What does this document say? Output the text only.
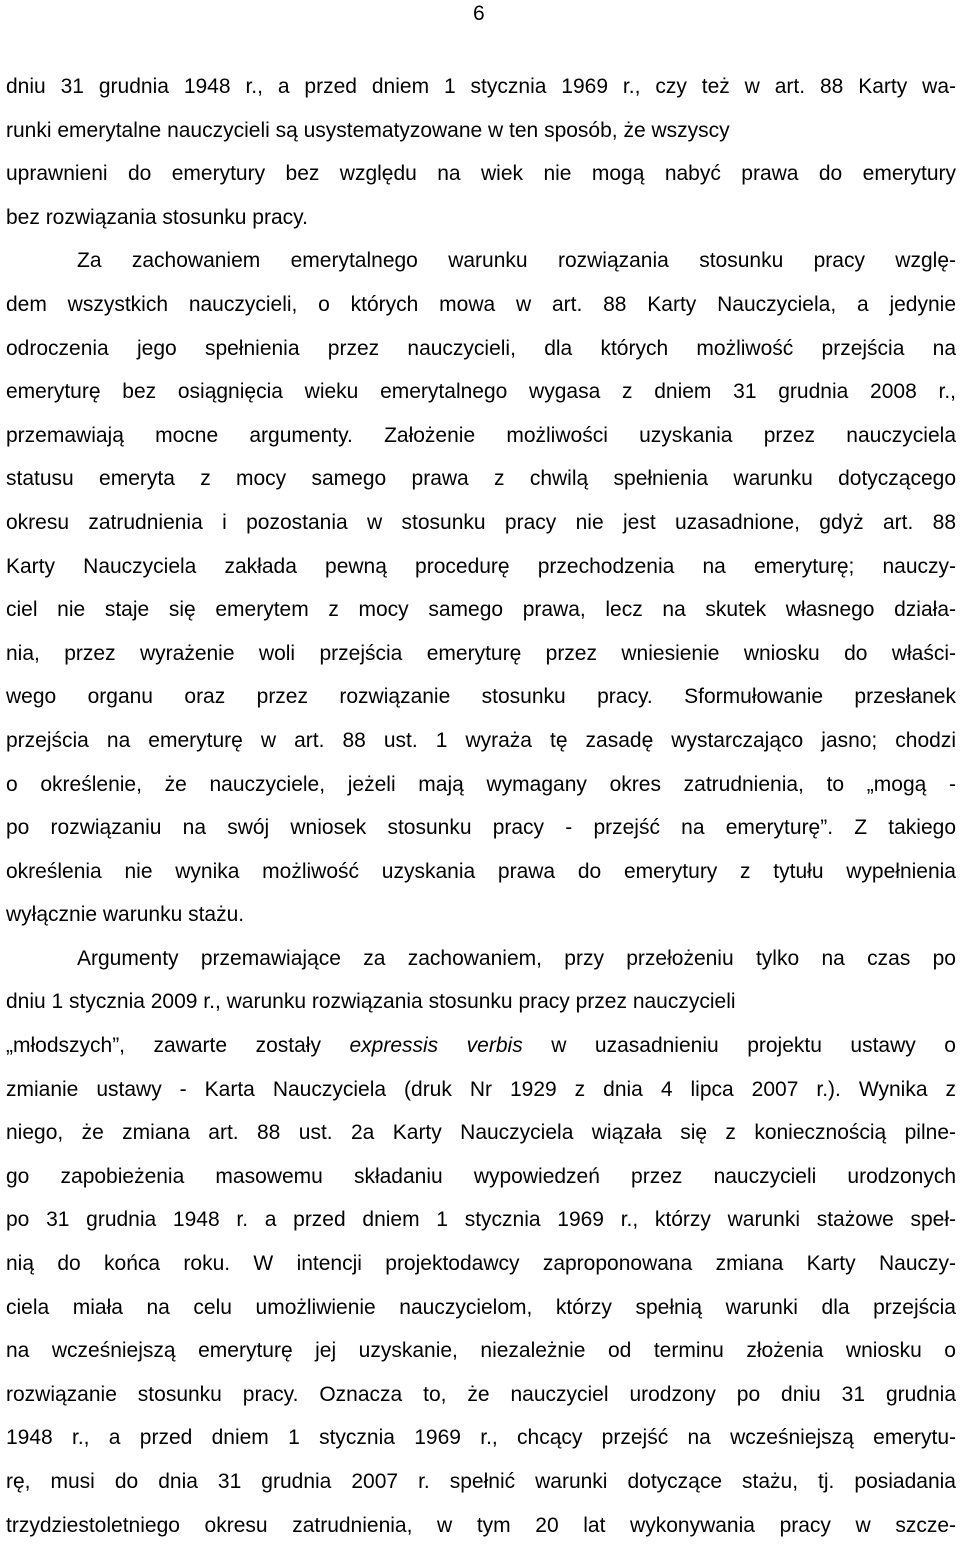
6
dniu 31 grudnia 1948 r., a przed dniem 1 stycznia 1969 r., czy też w art. 88 Karty wa-
runki emerytalne nauczycieli są usystematyzowane w ten sposób, że wszyscy
uprawnieni do emerytury bez względu na wiek nie mogą nabyć prawa do emerytury
bez rozwiązania stosunku pracy.
Za zachowaniem emerytalnego warunku rozwiązania stosunku pracy wzglę-
dem wszystkich nauczycieli, o których mowa w art. 88 Karty Nauczyciela, a jedynie
odroczenia jego spełnienia przez nauczycieli, dla których możliwość przejścia na
emeryturę bez osiągnięcia wieku emerytalnego wygasa z dniem 31 grudnia 2008 r.,
przemawiają mocne argumenty. Założenie możliwości uzyskania przez nauczyciela
statusu emeryta z mocy samego prawa z chwilą spełnienia warunku dotyczącego
okresu zatrudnienia i pozostania w stosunku pracy nie jest uzasadnione, gdyż art. 88
Karty Nauczyciela zakłada pewną procedurę przechodzenia na emeryturę; nauczy-
ciel nie staje się emerytem z mocy samego prawa, lecz na skutek własnego działa-
nia, przez wyrażenie woli przejścia emeryturę przez wniesienie wniosku do właści-
wego organu oraz przez rozwiązanie stosunku pracy. Sformułowanie przesłanek
przejścia na emeryturę w art. 88 ust. 1 wyraża tę zasadę wystarczająco jasno; chodzi
o określenie, że nauczyciele, jeżeli mają wymagany okres zatrudnienia, to „mogą -
po rozwiązaniu na swój wniosek stosunku pracy - przejść na emeryturę”. Z takiego
określenia nie wynika możliwość uzyskania prawa do emerytury z tytułu wypełnienia
wyłącznie warunku stażu.
Argumenty przemawiające za zachowaniem, przy przełożeniu tylko na czas po
dniu 1 stycznia 2009 r., warunku rozwiązania stosunku pracy przez nauczycieli
„młodszych”, zawarte zostały expressis verbis w uzasadnieniu projektu ustawy o
zmianie ustawy - Karta Nauczyciela (druk Nr 1929 z dnia 4 lipca 2007 r.). Wynika z
niego, że zmiana art. 88 ust. 2a Karty Nauczyciela wiązała się z koniecznością pilne-
go zapobieżenia masowemu składaniu wypowiedzeń przez nauczycieli urodzonych
po 31 grudnia 1948 r. a przed dniem 1 stycznia 1969 r., którzy warunki stażowe speł-
nią do końca roku. W intencji projektodawcy zaproponowana zmiana Karty Nauczy-
ciela miała na celu umożliwienie nauczycielom, którzy spełnią warunki dla przejścia
na wcześniejszą emeryturę jej uzyskanie, niezależnie od terminu złożenia wniosku o
rozwiązanie stosunku pracy. Oznacza to, że nauczyciel urodzony po dniu 31 grudnia
1948 r., a przed dniem 1 stycznia 1969 r., chcący przejść na wcześniejszą emerytu-
rę, musi do dnia 31 grudnia 2007 r. spełnić warunki dotyczące stażu, tj. posiadania
trzydziestoletniego okresu zatrudnienia, w tym 20 lat wykonywania pracy w szcze-
